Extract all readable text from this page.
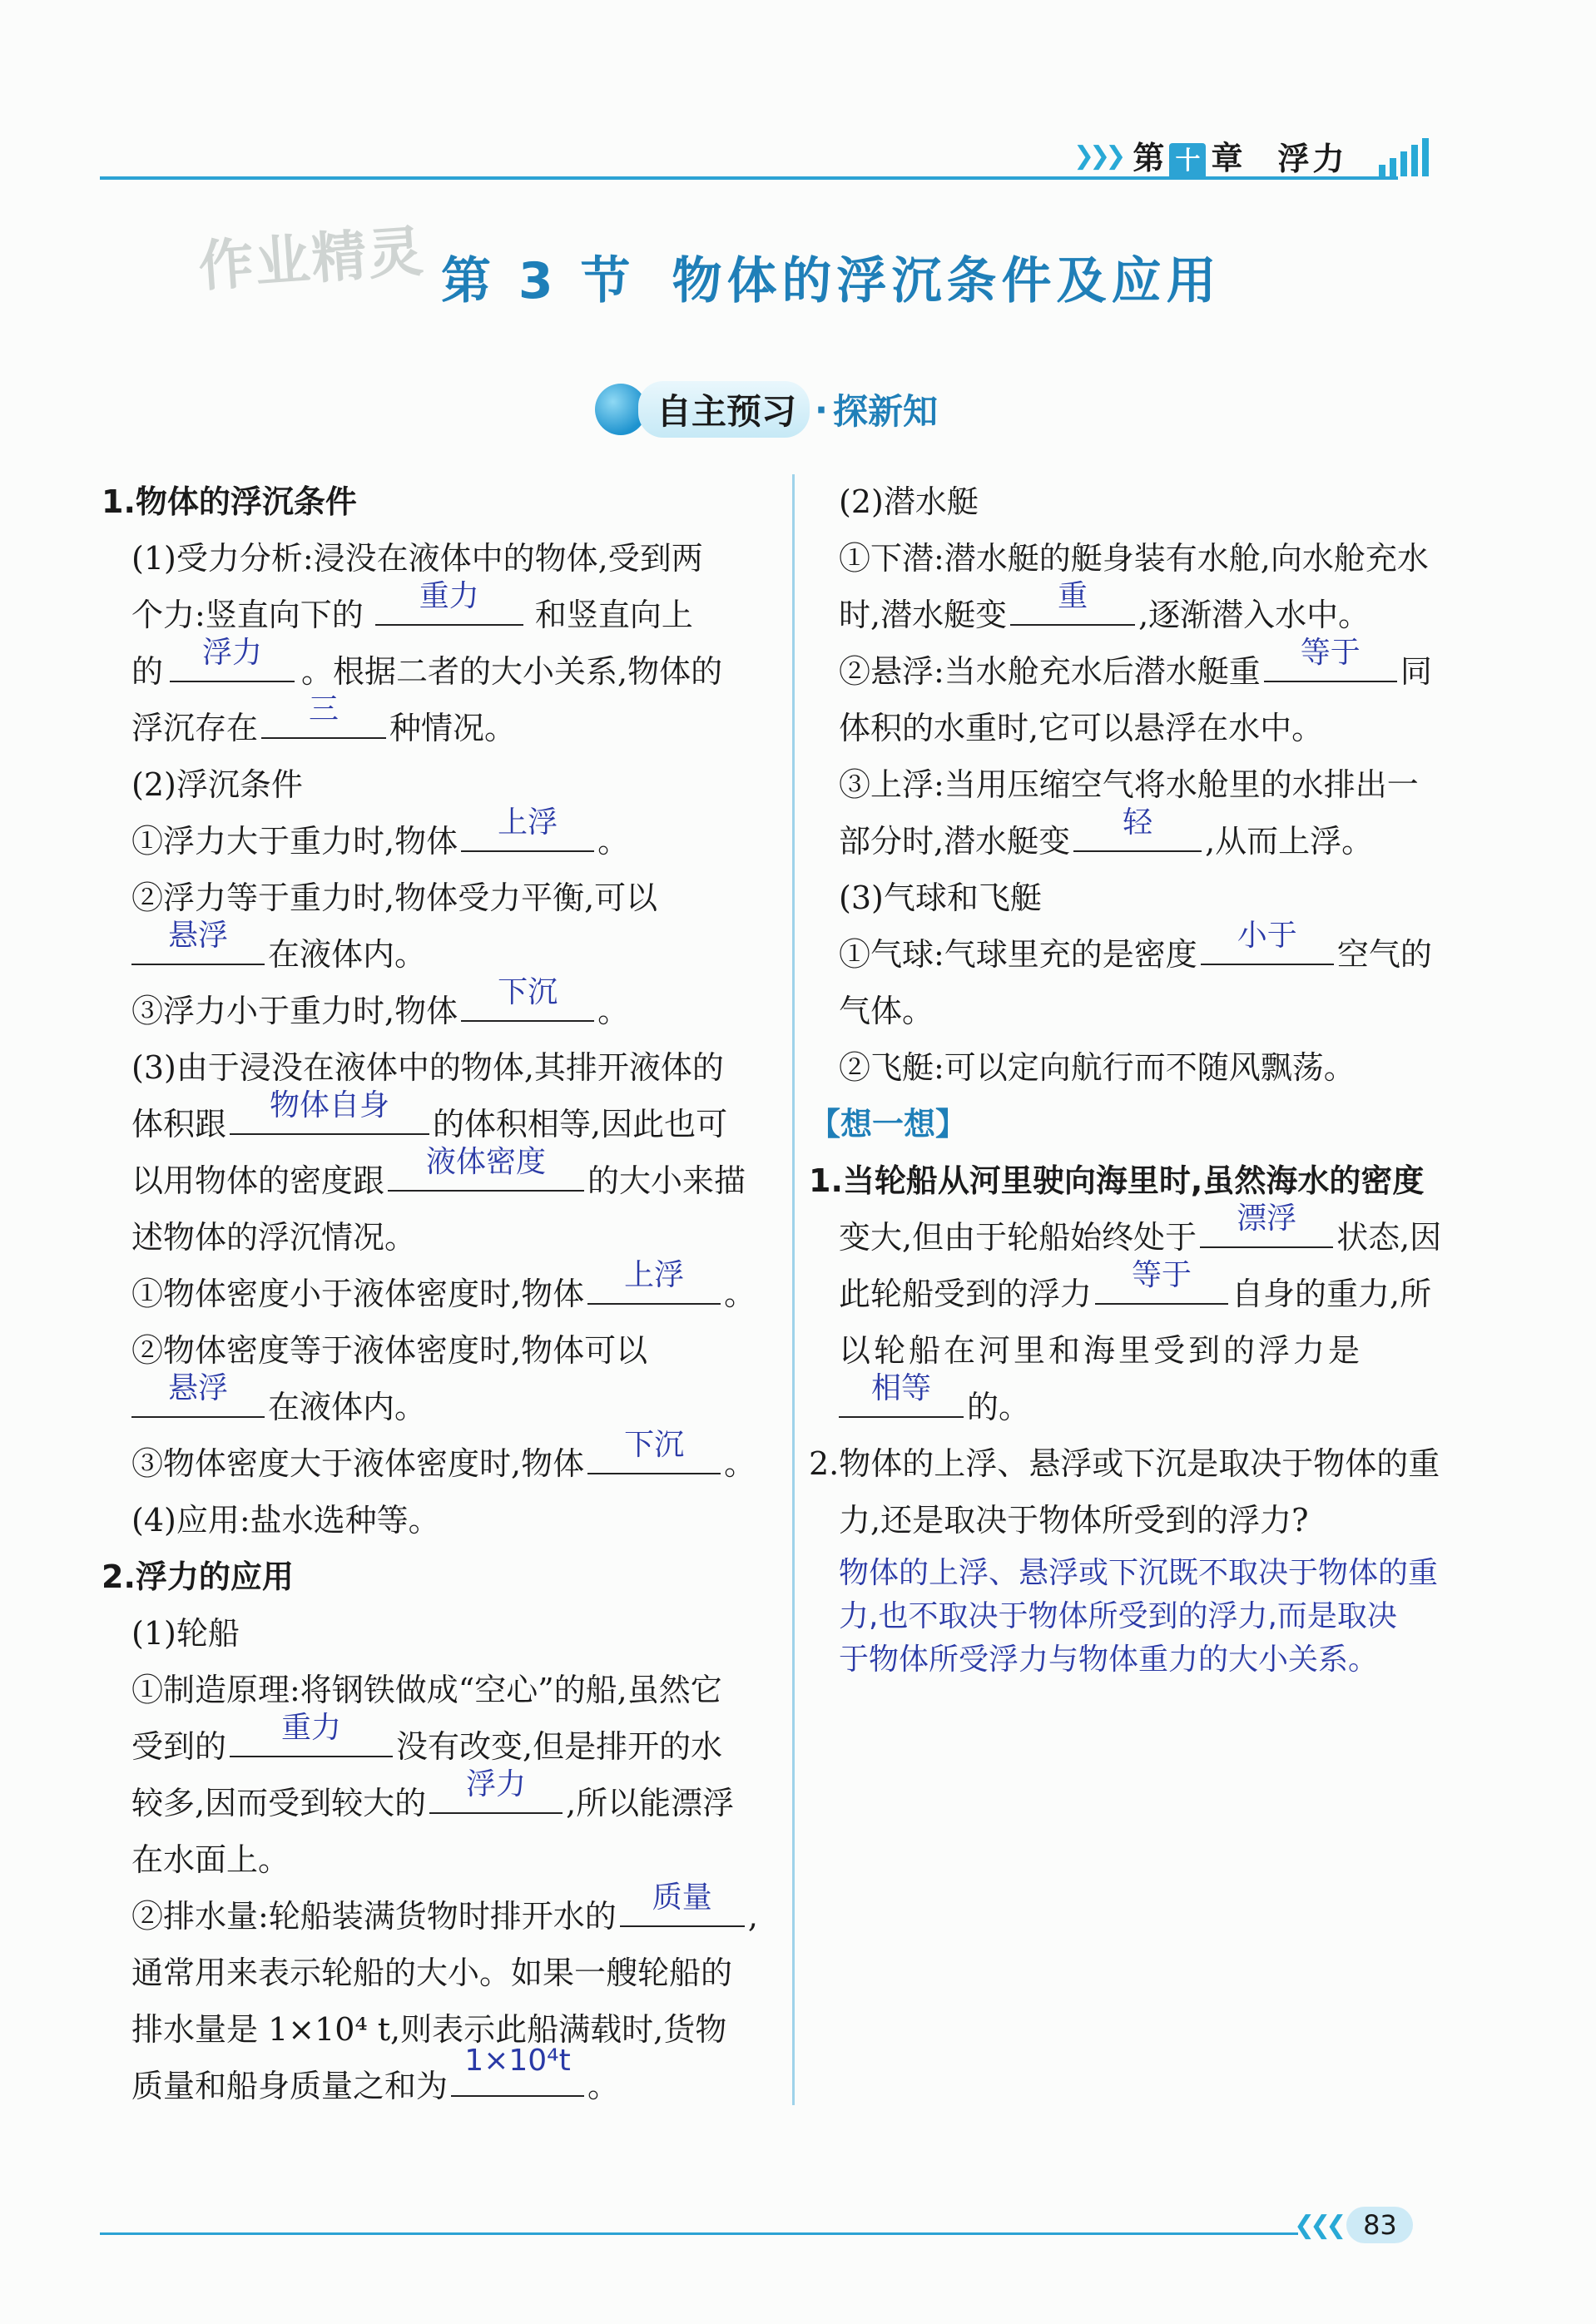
❯❯❯ 第 十 章 浮力
作业精灵 第 3 节 物体的浮沉条件及应用
自主预习 · 探新知
1.物体的浮沉条件
(1)受力分析:浸没在液体中的物体,受到两
个力:竖直向下的
重力
和竖直向上
的
浮力
。根据二者的大小关系,物体的
浮沉存在
三
种情况。
(2)浮沉条件
①浮力大于重力时,物体
上浮
。
②浮力等于重力时,物体受力平衡,可以
悬浮
在液体内。
③浮力小于重力时,物体
下沉
。
(3)由于浸没在液体中的物体,其排开液体的
体积跟
物体自身
的体积相等,因此也可
以用物体的密度跟
液体密度
的大小来描
述物体的浮沉情况。
①物体密度小于液体密度时,物体
上浮
。
②物体密度等于液体密度时,物体可以
悬浮
在液体内。
③物体密度大于液体密度时,物体
下沉
。
(4)应用:盐水选种等。
2.浮力的应用
(1)轮船
①制造原理:将钢铁做成“空心”的船,虽然它
受到的
重力
没有改变,但是排开的水
较多,因而受到较大的
浮力
,所以能漂浮
在水面上。
②排水量:轮船装满货物时排开水的
质量
,
通常用来表示轮船的大小。如果一艘轮船的
排水量是 1×10⁴ t,则表示此船满载时,货物
质量和船身质量之和为
1×10⁴t
。
(2)潜水艇
①下潜:潜水艇的艇身装有水舱,向水舱充水
时,潜水艇变
重
,逐渐潜入水中。
②悬浮:当水舱充水后潜水艇重
等于
同
体积的水重时,它可以悬浮在水中。
③上浮:当用压缩空气将水舱里的水排出一
部分时,潜水艇变
轻
,从而上浮。
(3)气球和飞艇
①气球:气球里充的是密度
小于
空气的
气体。
②飞艇:可以定向航行而不随风飘荡。
【想一想】
1.当轮船从河里驶向海里时,虽然海水的密度
变大,但由于轮船始终处于
漂浮
状态,因
此轮船受到的浮力
等于
自身的重力,所
以轮船在河里和海里受到的浮力是
相等
的。
2.物体的上浮、悬浮或下沉是取决于物体的重
力,还是取决于物体所受到的浮力?
物体的上浮、悬浮或下沉既不取决于物体的重
力,也不取决于物体所受到的浮力,而是取决
于物体所受浮力与物体重力的大小关系。
❮❮❮ 83
